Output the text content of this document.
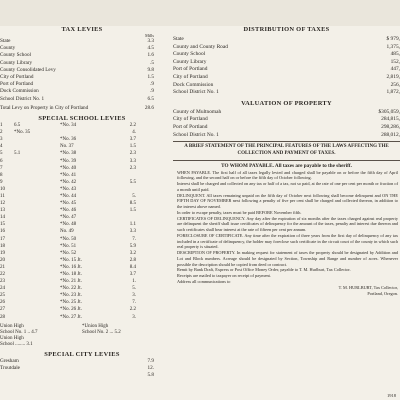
TAX LEVIES
Mills
State	3.3
County	4.5
County School	1.6
County Library	.5
County Consolidated Levy	9.8
City of Portland	1.5
Port of Portland	.9
Dock Commission	.9
School District No. 1	6.5
Total Levy on Property in City of Portland	28.6
SPECIAL SCHOOL LEVIES
1	6.5	*No. 34	2.2
2	*No. 35	4.
3	*No. 36	3.7
4	No. 37	1.5
5	5.1	*No. 38	2.3
6	*No. 39	3.3
7	*No. 40	2.3
8	*No. 41
9	*No. 42	5.5
10	*No. 43
11	*No. 44	5.
12	*No. 45	8.5
13	*No. 46	1.5
14	*No. 47
15	*No. 48	1.1
16	No. 49	3.3
17	*No. 50	7.
18	*No. 51	5.9
19	*No. 52	3.2
20	*No. 15 Jt.	2.8
21	*No. 16 Jt.	8.4
22	*No. 18 Jt.	3.7
23	*No. 21 Jt.	1.
24	*No. 22 Jt.	5.
25	*No. 23 Jt.	3.
26	*No. 25 Jt.	7.
27	*No. 26 Jt.	2.2
28	*No. 27 Jt.	3.
Union High	*Union High
School No. 1 .. 4.7	School No. 2 ... 5.2
Union High
School ........ 3.1
SPECIAL CITY LEVIES
Gresham	7.9
Troutdale	12.
5.8
DISTRIBUTION OF TAXES
State	$ 979,
County and County Road	1,375,
County School	485,
County Library	152,
Port of Portland	447,
City of Portland	2,819,
Dock Commission	256,
School District No. 1	1,872,
VALUATION OF PROPERTY
County of Multnomah	$305,059,
City of Portland	284,815,
Port of Portland	298,286,
School District No. 1	288,012,
A BRIEF STATEMENT OF THE PRINCIPAL FEATURES OF THE LAWS AFFECTING THE COLLECTION AND PAYMENT OF TAXES.
TO WHOM PAYABLE. All taxes are payable to the sheriff.

WHEN PAYABLE. The first half of all taxes legally levied and charged shall be payable on or before the fifth day of April following, and the second half on or before the fifth day of October following.

Interest shall be charged and collected on any tax or half of a tax, not so paid, at the rate of one per cent per month or fraction of a month until paid.

DELINQUENT. All taxes remaining unpaid on the fifth day of October next following shall become delinquent and ON THE FIFTH DAY OF NOVEMBER next following a penalty of five per cent shall be charged and collected thereon, in addition to the interest above named.

In order to escape penalty, taxes must be paid BEFORE November fifth.

CERTIFICATES OF DELINQUENCY. Any day after the expiration of six months after the taxes charged against real property are delinquent the sheriff shall issue certificates of delinquency for the amount of the taxes, penalty and interest due thereon and such certificates shall bear interest at the rate of fifteen per cent per annum.

FORECLOSURE OF CERTIFICATE. Any time after the expiration of three years from the first day of delinquency of any tax included in a certificate of delinquency, the holder may foreclose such certificate in the circuit court of the county in which such real property is situated.

DESCRIPTION OF PROPERTY. In making request for statement of taxes the property should be designated by Addition and Lot and Block numbers. Acreage should be designated by Section, Township and Range and number of acres. Whenever possible the description should be copied from deed or contract.

Remit by Bank Draft, Express or Post Office Money Order, payable to T. M. Hurlburt, Tax Collector.

Receipts are mailed to taxpayer on receipt of payment.

Address all communications to
T. M. HURLBURT, Tax Collector,
Portland, Oregon.
1918
